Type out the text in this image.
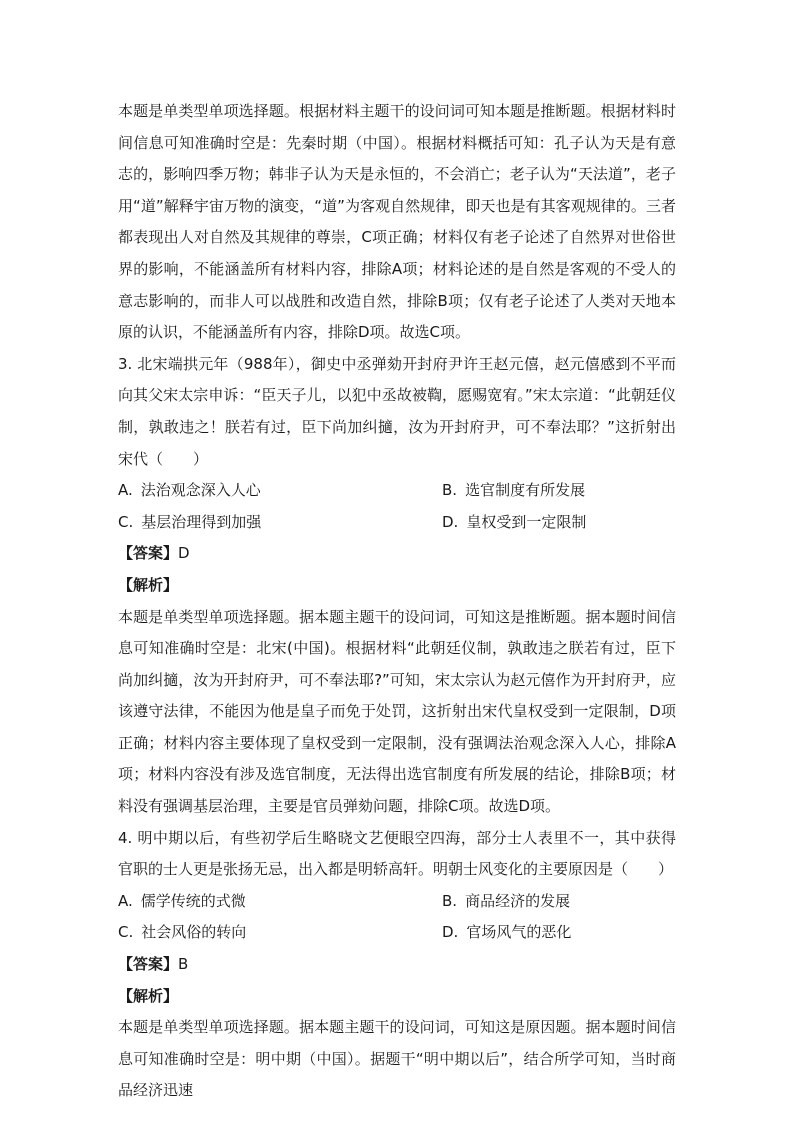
本题是单类型单项选择题。根据材料主题干的设问词可知本题是推断题。根据材料时间信息可知准确时空是：先秦时期（中国）。根据材料概括可知：孔子认为天是有意志的，影响四季万物；韩非子认为天是永恒的，不会消亡；老子认为“天法道”，老子用“道”解释宇宙万物的演变，“道”为客观自然规律，即天也是有其客观规律的。三者都表现出人对自然及其规律的尊崇，C项正确；材料仅有老子论述了自然界对世俗世界的影响，不能涵盖所有材料内容，排除A项；材料论述的是自然是客观的不受人的意志影响的，而非人可以战胜和改造自然，排除B项；仅有老子论述了人类对天地本原的认识，不能涵盖所有内容，排除D项。故选C项。

3. 北宋端拱元年（988年），御史中丞弹劾开封府尹许王赵元僖，赵元僖感到不平而向其父宋太宗申诉：“臣天子儿，以犯中丞故被鞫，愿赐宽宥。”宋太宗道：“此朝廷仪制，孰敢违之！朕若有过，臣下尚加纠擿，汝为开封府尹，可不奉法耶？”这折射出宋代（　　）

A. 法治观念深入人心	B. 选官制度有所发展
C. 基层治理得到加强	D. 皇权受到一定限制

【答案】D

【解析】

本题是单类型单项选择题。据本题主题干的设问词，可知这是推断题。据本题时间信息可知准确时空是：北宋(中国)。根据材料“此朝廷仪制，孰敢违之朕若有过，臣下尚加纠擿，汝为开封府尹，可不奉法耶?”可知，宋太宗认为赵元僖作为开封府尹，应该遵守法律，不能因为他是皇子而免于处罚，这折射出宋代皇权受到一定限制，D项正确；材料内容主要体现了皇权受到一定限制，没有强调法治观念深入人心，排除A项；材料内容没有涉及选官制度，无法得出选官制度有所发展的结论，排除B项；材料没有强调基层治理，主要是官员弹劾问题，排除C项。故选D项。

4. 明中期以后，有些初学后生略晓文艺便眼空四海，部分士人表里不一，其中获得官职的士人更是张扬无忌，出入都是明轿高轩。明朝士风变化的主要原因是（　　）

A. 儒学传统的式微	B. 商品经济的发展
C. 社会风俗的转向	D. 官场风气的恶化

【答案】B

【解析】

本题是单类型单项选择题。据本题主题干的设问词，可知这是原因题。据本题时间信息可知准确时空是：明中期（中国）。据题干“明中期以后”，结合所学可知，当时商品经济迅速
